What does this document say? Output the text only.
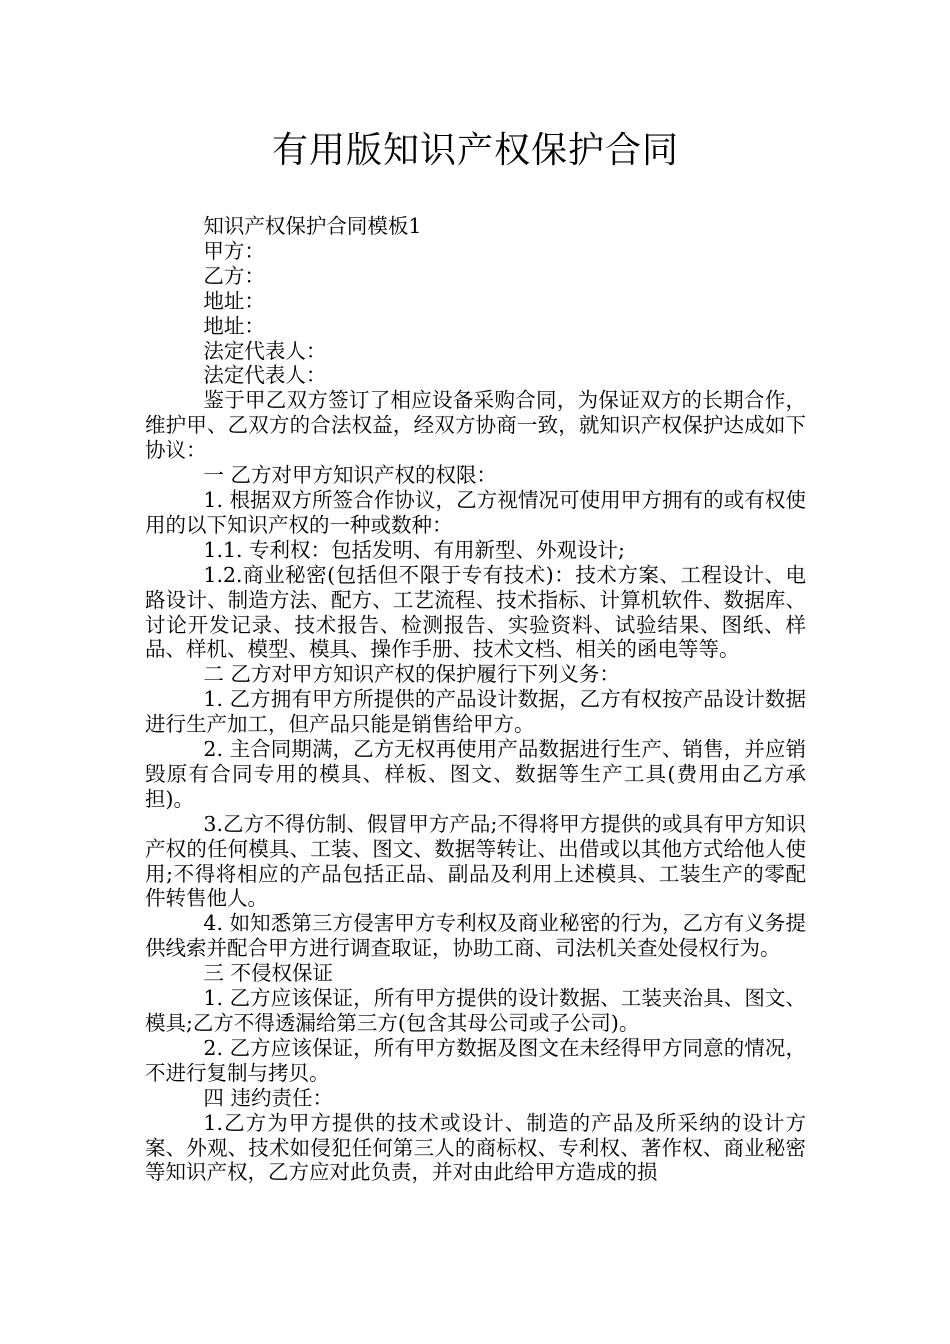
有用版知识产权保护合同

知识产权保护合同模板1

甲方：

乙方：

地址：

地址：

法定代表人：

法定代表人：

鉴于甲乙双方签订了相应设备采购合同，为保证双方的长期合作，维护甲、乙双方的合法权益，经双方协商一致，就知识产权保护达成如下协议：

一 乙方对甲方知识产权的权限：

1. 根据双方所签合作协议，乙方视情况可使用甲方拥有的或有权使用的以下知识产权的一种或数种：

1.1. 专利权：包括发明、有用新型、外观设计;

1.2.商业秘密(包括但不限于专有技术)：技术方案、工程设计、电路设计、制造方法、配方、工艺流程、技术指标、计算机软件、数据库、讨论开发记录、技术报告、检测报告、实验资料、试验结果、图纸、样品、样机、模型、模具、操作手册、技术文档、相关的函电等等。

二 乙方对甲方知识产权的保护履行下列义务：

1. 乙方拥有甲方所提供的产品设计数据，乙方有权按产品设计数据进行生产加工，但产品只能是销售给甲方。

2. 主合同期满，乙方无权再使用产品数据进行生产、销售，并应销毁原有合同专用的模具、样板、图文、数据等生产工具(费用由乙方承担)。

3.乙方不得仿制、假冒甲方产品;不得将甲方提供的或具有甲方知识产权的任何模具、工装、图文、数据等转让、出借或以其他方式给他人使用;不得将相应的产品包括正品、副品及利用上述模具、工装生产的零配件转售他人。

4. 如知悉第三方侵害甲方专利权及商业秘密的行为，乙方有义务提供线索并配合甲方进行调查取证，协助工商、司法机关查处侵权行为。

三 不侵权保证

1. 乙方应该保证，所有甲方提供的设计数据、工装夹治具、图文、模具;乙方不得透漏给第三方(包含其母公司或子公司)。

2. 乙方应该保证，所有甲方数据及图文在未经得甲方同意的情况，不进行复制与拷贝。

四 违约责任：

1.乙方为甲方提供的技术或设计、制造的产品及所采纳的设计方案、外观、技术如侵犯任何第三人的商标权、专利权、著作权、商业秘密等知识产权，乙方应对此负责，并对由此给甲方造成的损
